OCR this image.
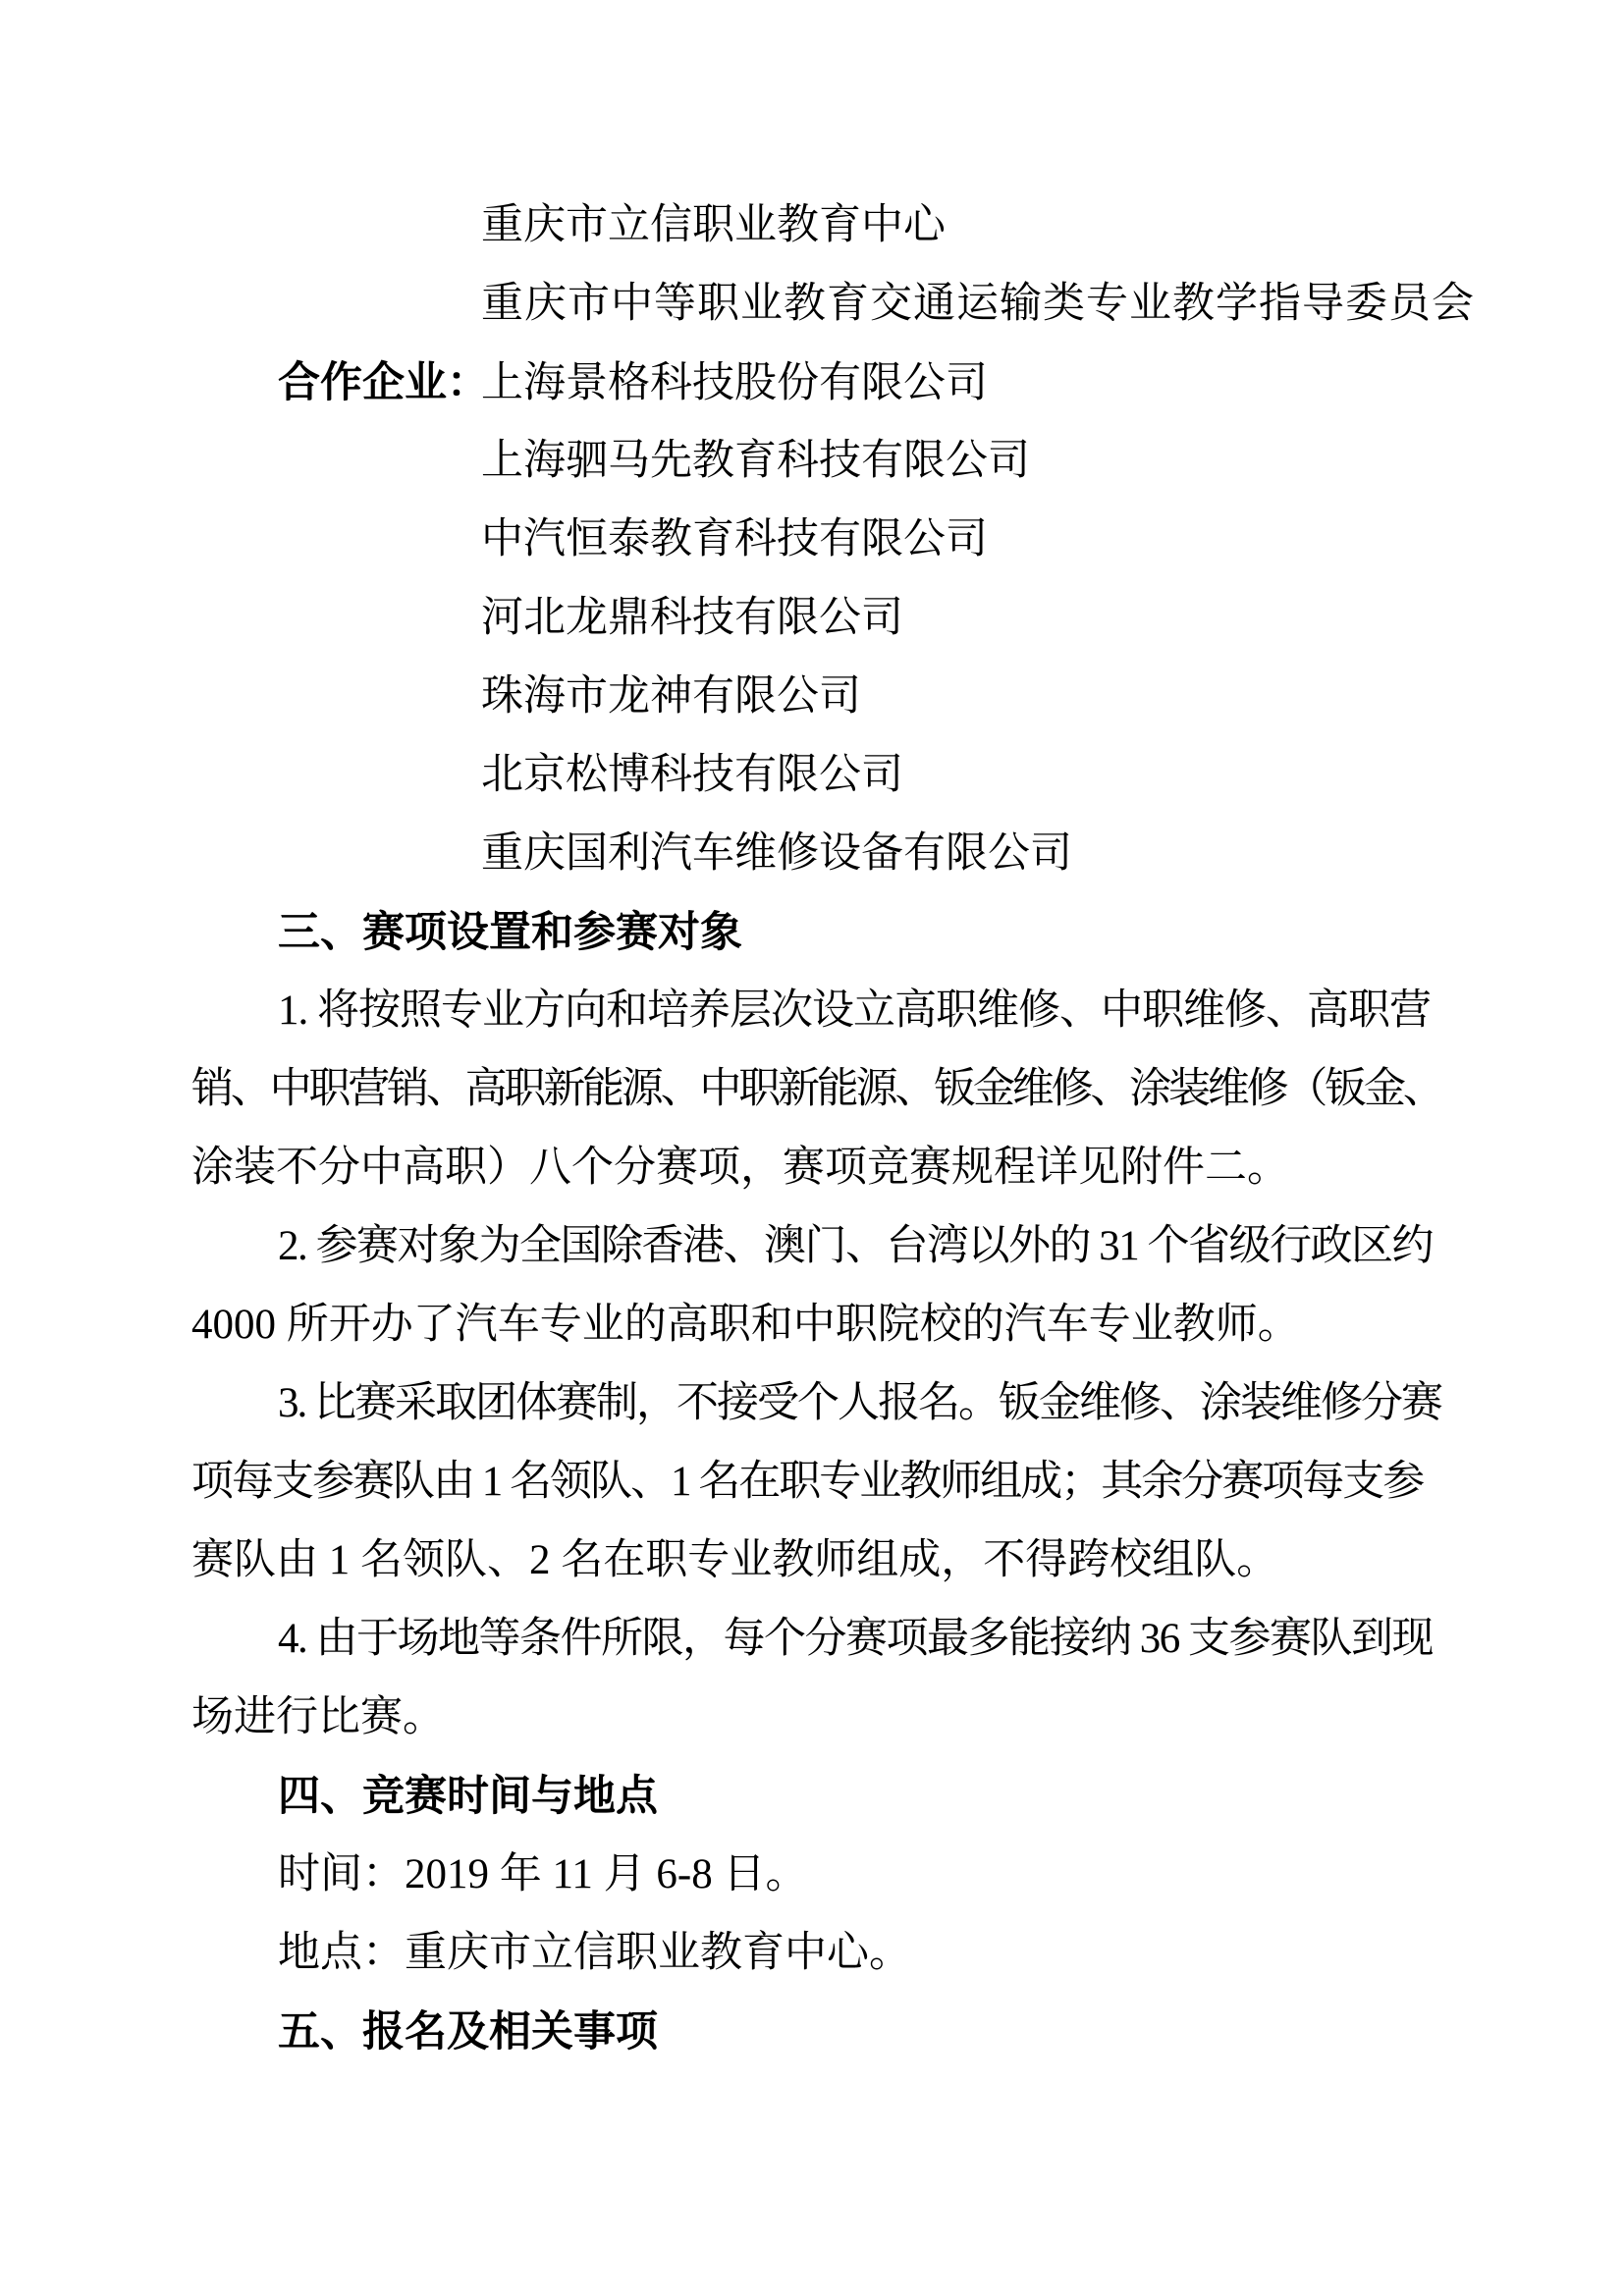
重庆市立信职业教育中心
重庆市中等职业教育交通运输类专业教学指导委员会
合作企业：上海景格科技股份有限公司
上海驷马先教育科技有限公司
中汽恒泰教育科技有限公司
河北龙鼎科技有限公司
珠海市龙神有限公司
北京松博科技有限公司
重庆国利汽车维修设备有限公司
三、赛项设置和参赛对象
1. 将按照专业方向和培养层次设立高职维修、中职维修、高职营
销、中职营销、高职新能源、中职新能源、钣金维修、涂装维修（钣金、
涂装不分中高职）八个分赛项，赛项竞赛规程详见附件二。
2. 参赛对象为全国除香港、澳门、台湾以外的 31 个省级行政区约
4000 所开办了汽车专业的高职和中职院校的汽车专业教师。
3. 比赛采取团体赛制，不接受个人报名。钣金维修、涂装维修分赛
项每支参赛队由 1 名领队、1 名在职专业教师组成；其余分赛项每支参
赛队由 1 名领队、2 名在职专业教师组成，不得跨校组队。
4. 由于场地等条件所限，每个分赛项最多能接纳 36 支参赛队到现
场进行比赛。
四、竞赛时间与地点
时间：2019 年 11 月 6-8 日。
地点：重庆市立信职业教育中心。
五、报名及相关事项
